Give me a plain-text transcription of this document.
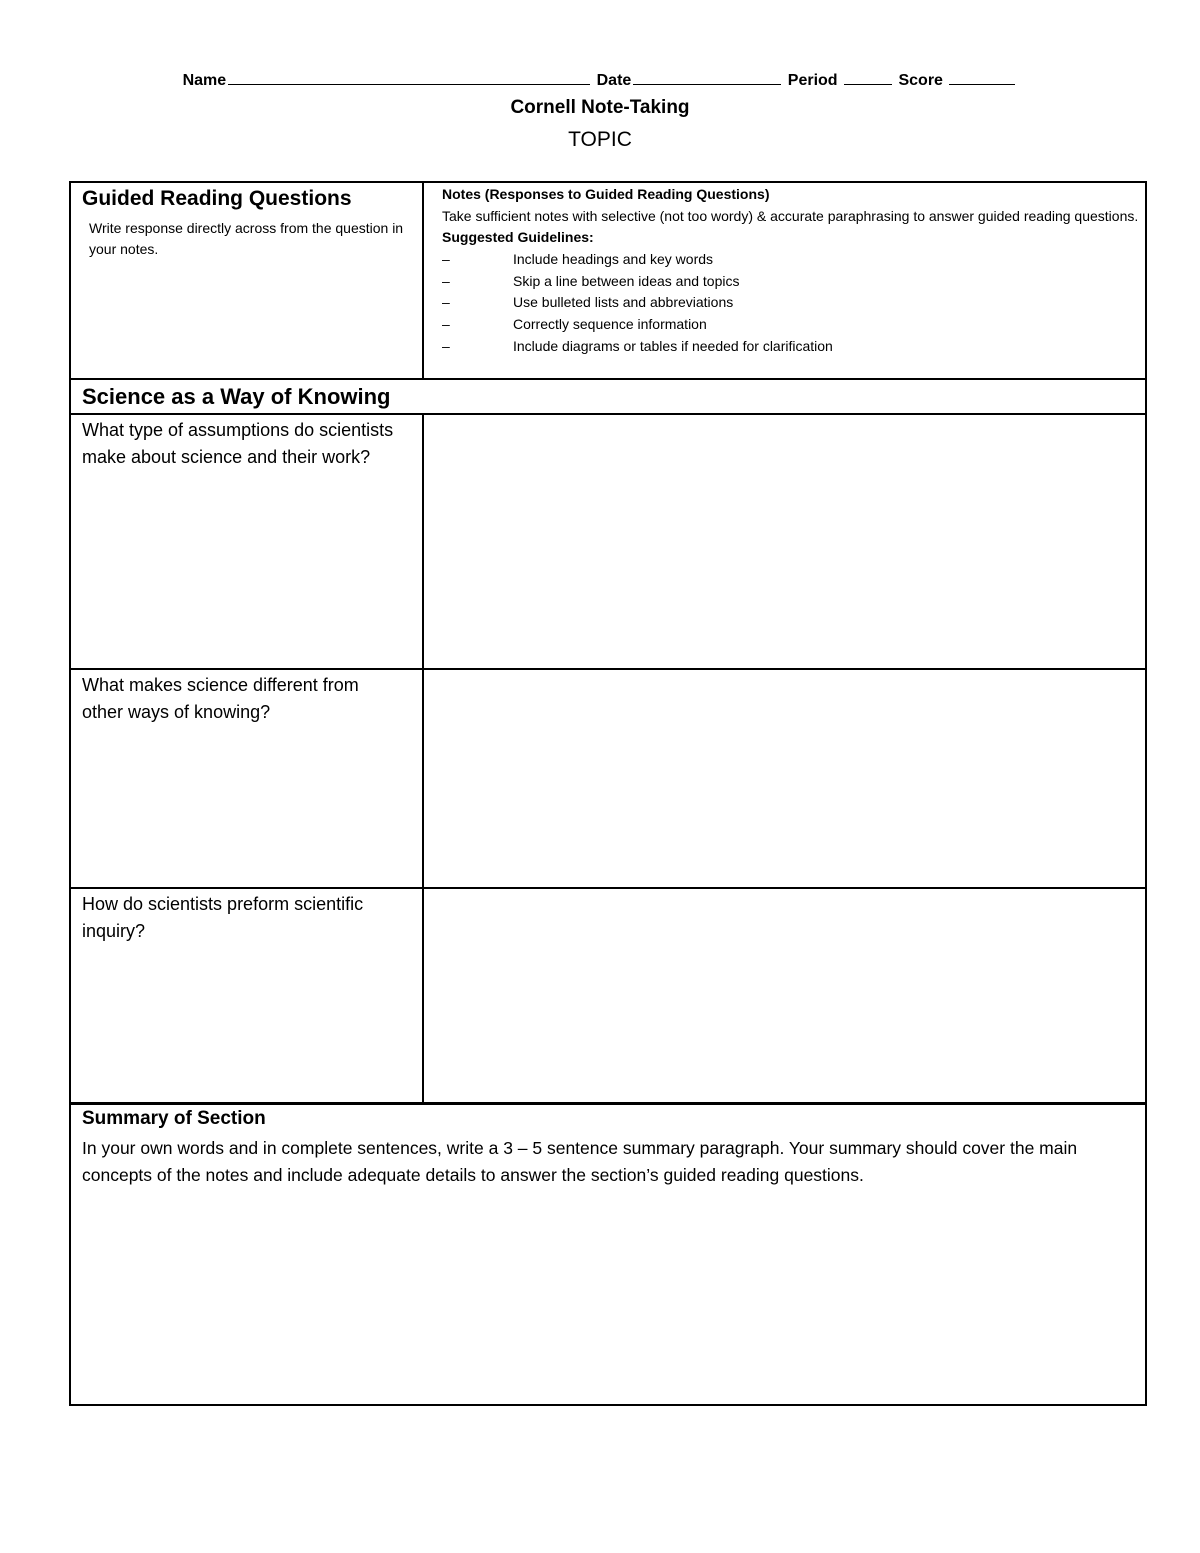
Name	Date	Period	Score
Cornell Note-Taking
TOPIC
Guided Reading Questions
Write response directly across from the question in your notes.
Notes (Responses to Guided Reading Questions)
Take sufficient notes with selective (not too wordy) & accurate paraphrasing to answer guided reading questions.
Suggested Guidelines:
–	Include headings and key words
–	Skip a line between ideas and topics
–	Use bulleted lists and abbreviations
–	Correctly sequence information
–	Include diagrams or tables if needed for clarification
Science as a Way of Knowing
What type of assumptions do scientists make about science and their work?
What makes science different from other ways of knowing?
How do scientists preform scientific inquiry?
Summary of Section
In your own words and in complete sentences, write a 3 – 5 sentence summary paragraph. Your summary should cover the main concepts of the notes and include adequate details to answer the section’s guided reading questions.
